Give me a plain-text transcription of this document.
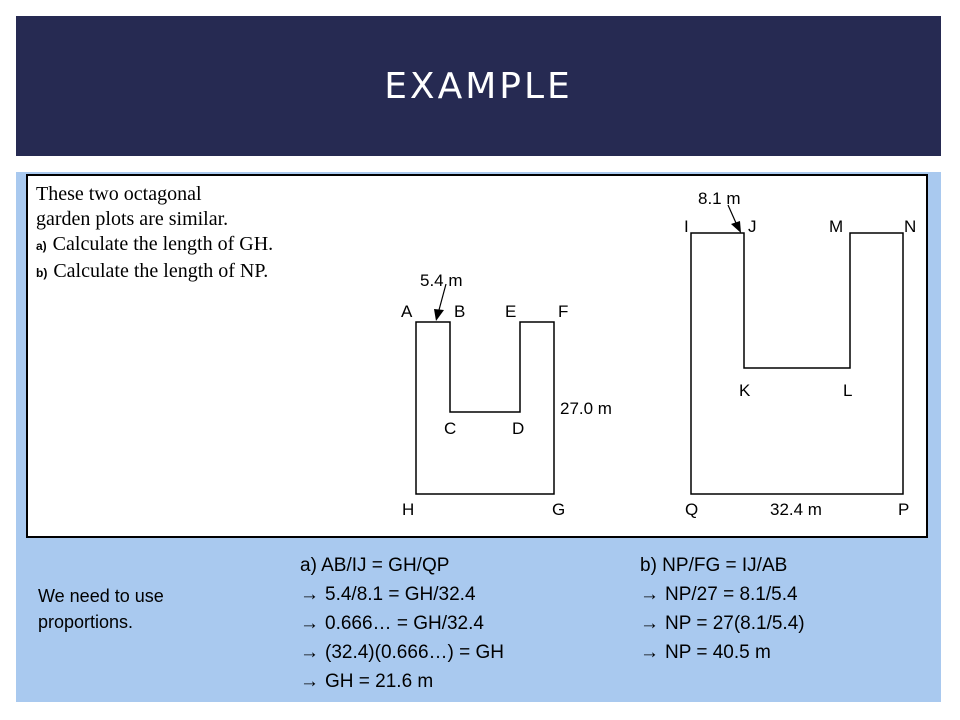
EXAMPLE
These two octagonal
garden plots are similar.
a) Calculate the length of GH.
b) Calculate the length of NP.	5.4 m
A B E F
C	D
27.0 m
H	G
8.1 m
I	J	M	N
K	L
Q	32.4 m	P
We need to use
proportions.
a) AB/IJ = GH/QP
→ 5.4/8.1 = GH/32.4
→ 0.666… = GH/32.4
→ (32.4)(0.666…) = GH
→ GH = 21.6 m
b) NP/FG = IJ/AB
→ NP/27 = 8.1/5.4
→ NP = 27(8.1/5.4)
→ NP = 40.5 m
